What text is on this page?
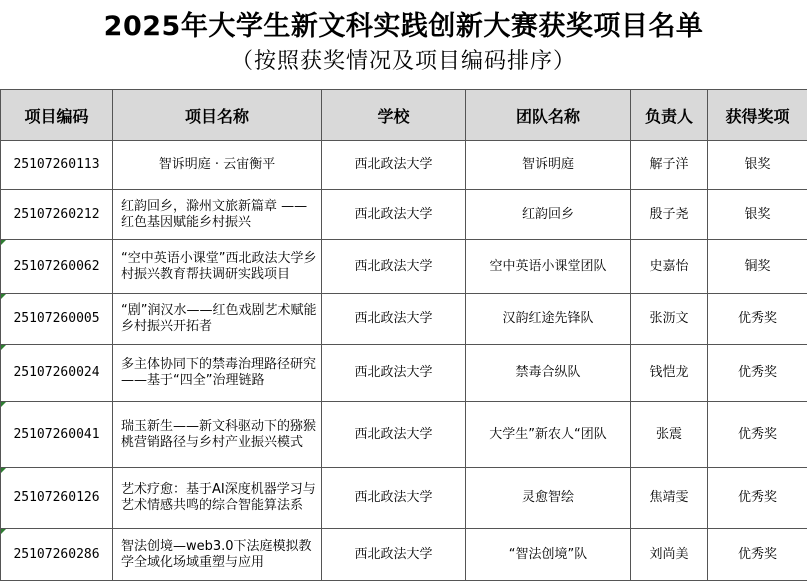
2025年大学生新文科实践创新大赛获奖项目名单
（按照获奖情况及项目编码排序）
项目编码	项目名称	学校	团队名称	负责人	获得奖项
25107260113	智诉明庭 · 云宙衡平	西北政法大学	智诉明庭	解子洋	银奖
25107260212	红韵回乡，滁州文旅新篇章 —— 红色基因赋能乡村振兴	西北政法大学	红韵回乡	殷子尧	银奖

25107260062	“空中英语小课堂”西北政法大学乡村振兴教育帮扶调研实践项目	西北政法大学	空中英语小课堂团队	史嘉怡	铜奖

25107260005	“剧”润汉水——红色戏剧艺术赋能乡村振兴开拓者	西北政法大学	汉韵红途先锋队	张沥文	优秀奖

25107260024	多主体协同下的禁毒治理路径研究——基于“四全”治理链路	西北政法大学	禁毒合纵队	钱恺龙	优秀奖

25107260041	瑞玉新生——新文科驱动下的猕猴桃营销路径与乡村产业振兴模式	西北政法大学	大学生”新农人“团队	张震	优秀奖

25107260126	艺术疗愈：基于AI深度机器学习与艺术情感共鸣的综合智能算法系	西北政法大学	灵愈智绘	焦靖雯	优秀奖

25107260286	智法创境—web3.0下法庭模拟教学全域化场域重塑与应用	西北政法大学	“智法创境”队	刘尚美	优秀奖
